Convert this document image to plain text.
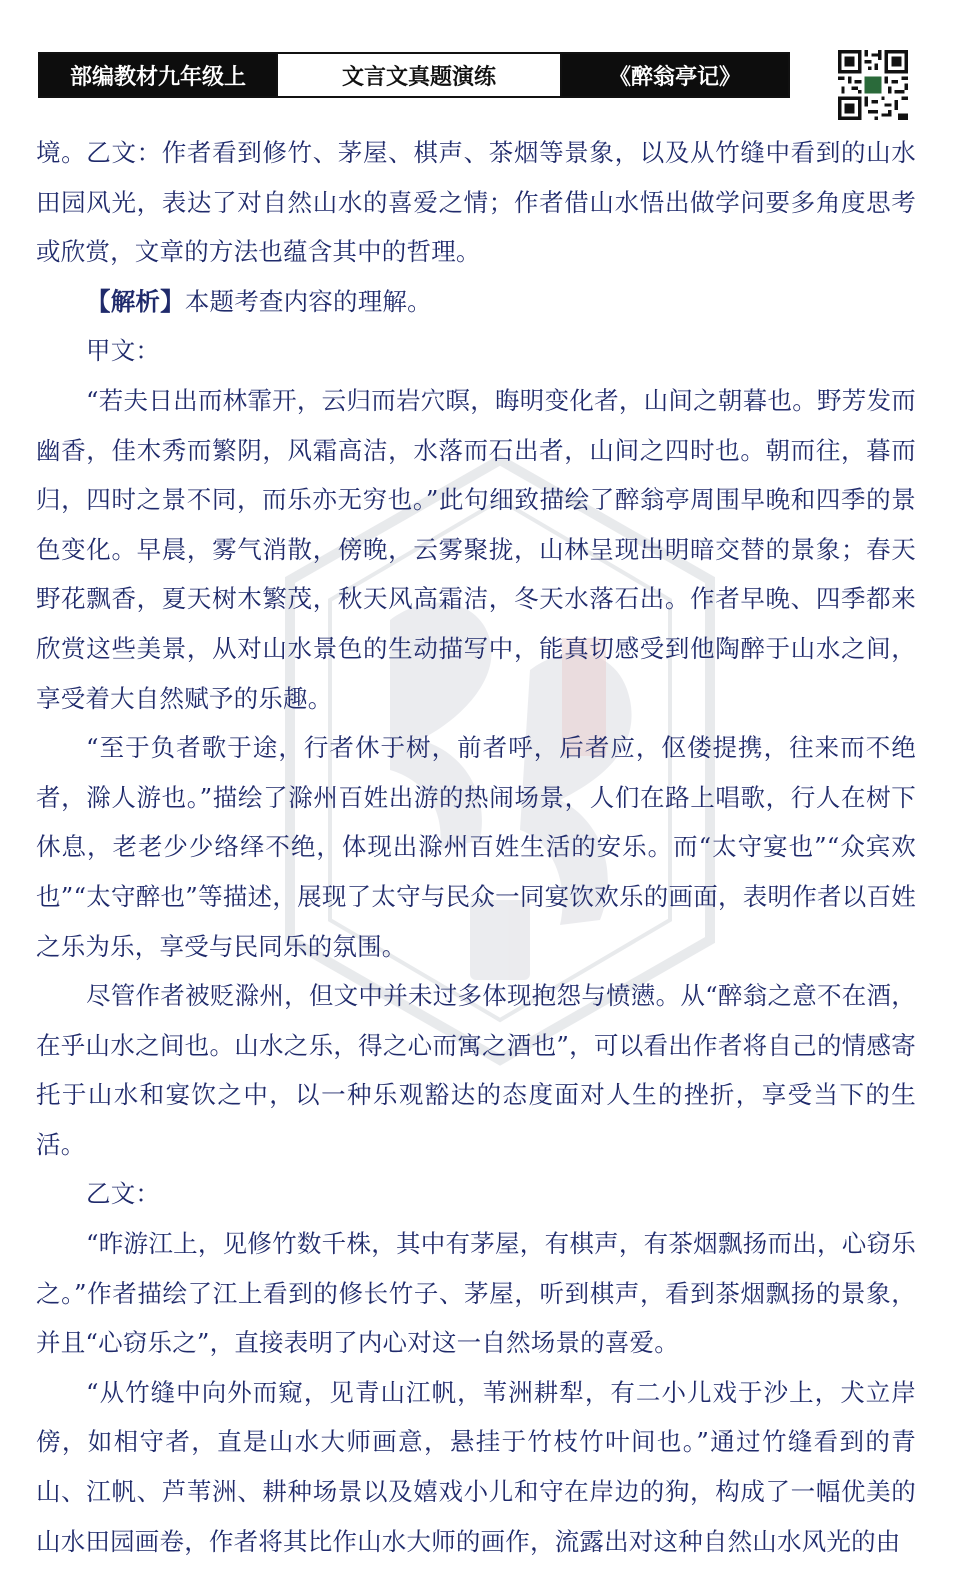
部编教材九年级上	文言文真题演练	《醉翁亭记》

境。乙文：作者看到修竹、茅屋、棋声、茶烟等景象，以及从竹缝中看到的山水田园风光，表达了对自然山水的喜爱之情；作者借山水悟出做学问要多角度思考或欣赏，文章的方法也蕴含其中的哲理。

【解析】本题考查内容的理解。

甲文：

“若夫日出而林霏开，云归而岩穴暝，晦明变化者，山间之朝暮也。野芳发而幽香，佳木秀而繁阴，风霜高洁，水落而石出者，山间之四时也。朝而往，暮而归，四时之景不同，而乐亦无穷也。”此句细致描绘了醉翁亭周围早晚和四季的景色变化。早晨，雾气消散，傍晚，云雾聚拢，山林呈现出明暗交替的景象；春天野花飘香，夏天树木繁茂，秋天风高霜洁，冬天水落石出。作者早晚、四季都来欣赏这些美景，从对山水景色的生动描写中，能真切感受到他陶醉于山水之间，享受着大自然赋予的乐趣。

“至于负者歌于途，行者休于树，前者呼，后者应，伛偻提携，往来而不绝者，滁人游也。”描绘了滁州百姓出游的热闹场景，人们在路上唱歌，行人在树下休息，老老少少络绎不绝，体现出滁州百姓生活的安乐。而“太守宴也”“众宾欢也”“太守醉也”等描述，展现了太守与民众一同宴饮欢乐的画面，表明作者以百姓之乐为乐，享受与民同乐的氛围。

尽管作者被贬滁州，但文中并未过多体现抱怨与愤懑。从“醉翁之意不在酒，在乎山水之间也。山水之乐，得之心而寓之酒也”，可以看出作者将自己的情感寄托于山水和宴饮之中，以一种乐观豁达的态度面对人生的挫折，享受当下的生活。

乙文：

“昨游江上，见修竹数千株，其中有茅屋，有棋声，有茶烟飘扬而出，心窃乐之。”作者描绘了江上看到的修长竹子、茅屋，听到棋声，看到茶烟飘扬的景象，并且“心窃乐之”，直接表明了内心对这一自然场景的喜爱。

“从竹缝中向外而窥，见青山江帆，苇洲耕犁，有二小儿戏于沙上，犬立岸傍，如相守者，直是山水大师画意，悬挂于竹枝竹叶间也。”通过竹缝看到的青山、江帆、芦苇洲、耕种场景以及嬉戏小儿和守在岸边的狗，构成了一幅优美的山水田园画卷，作者将其比作山水大师的画作，流露出对这种自然山水风光的由
